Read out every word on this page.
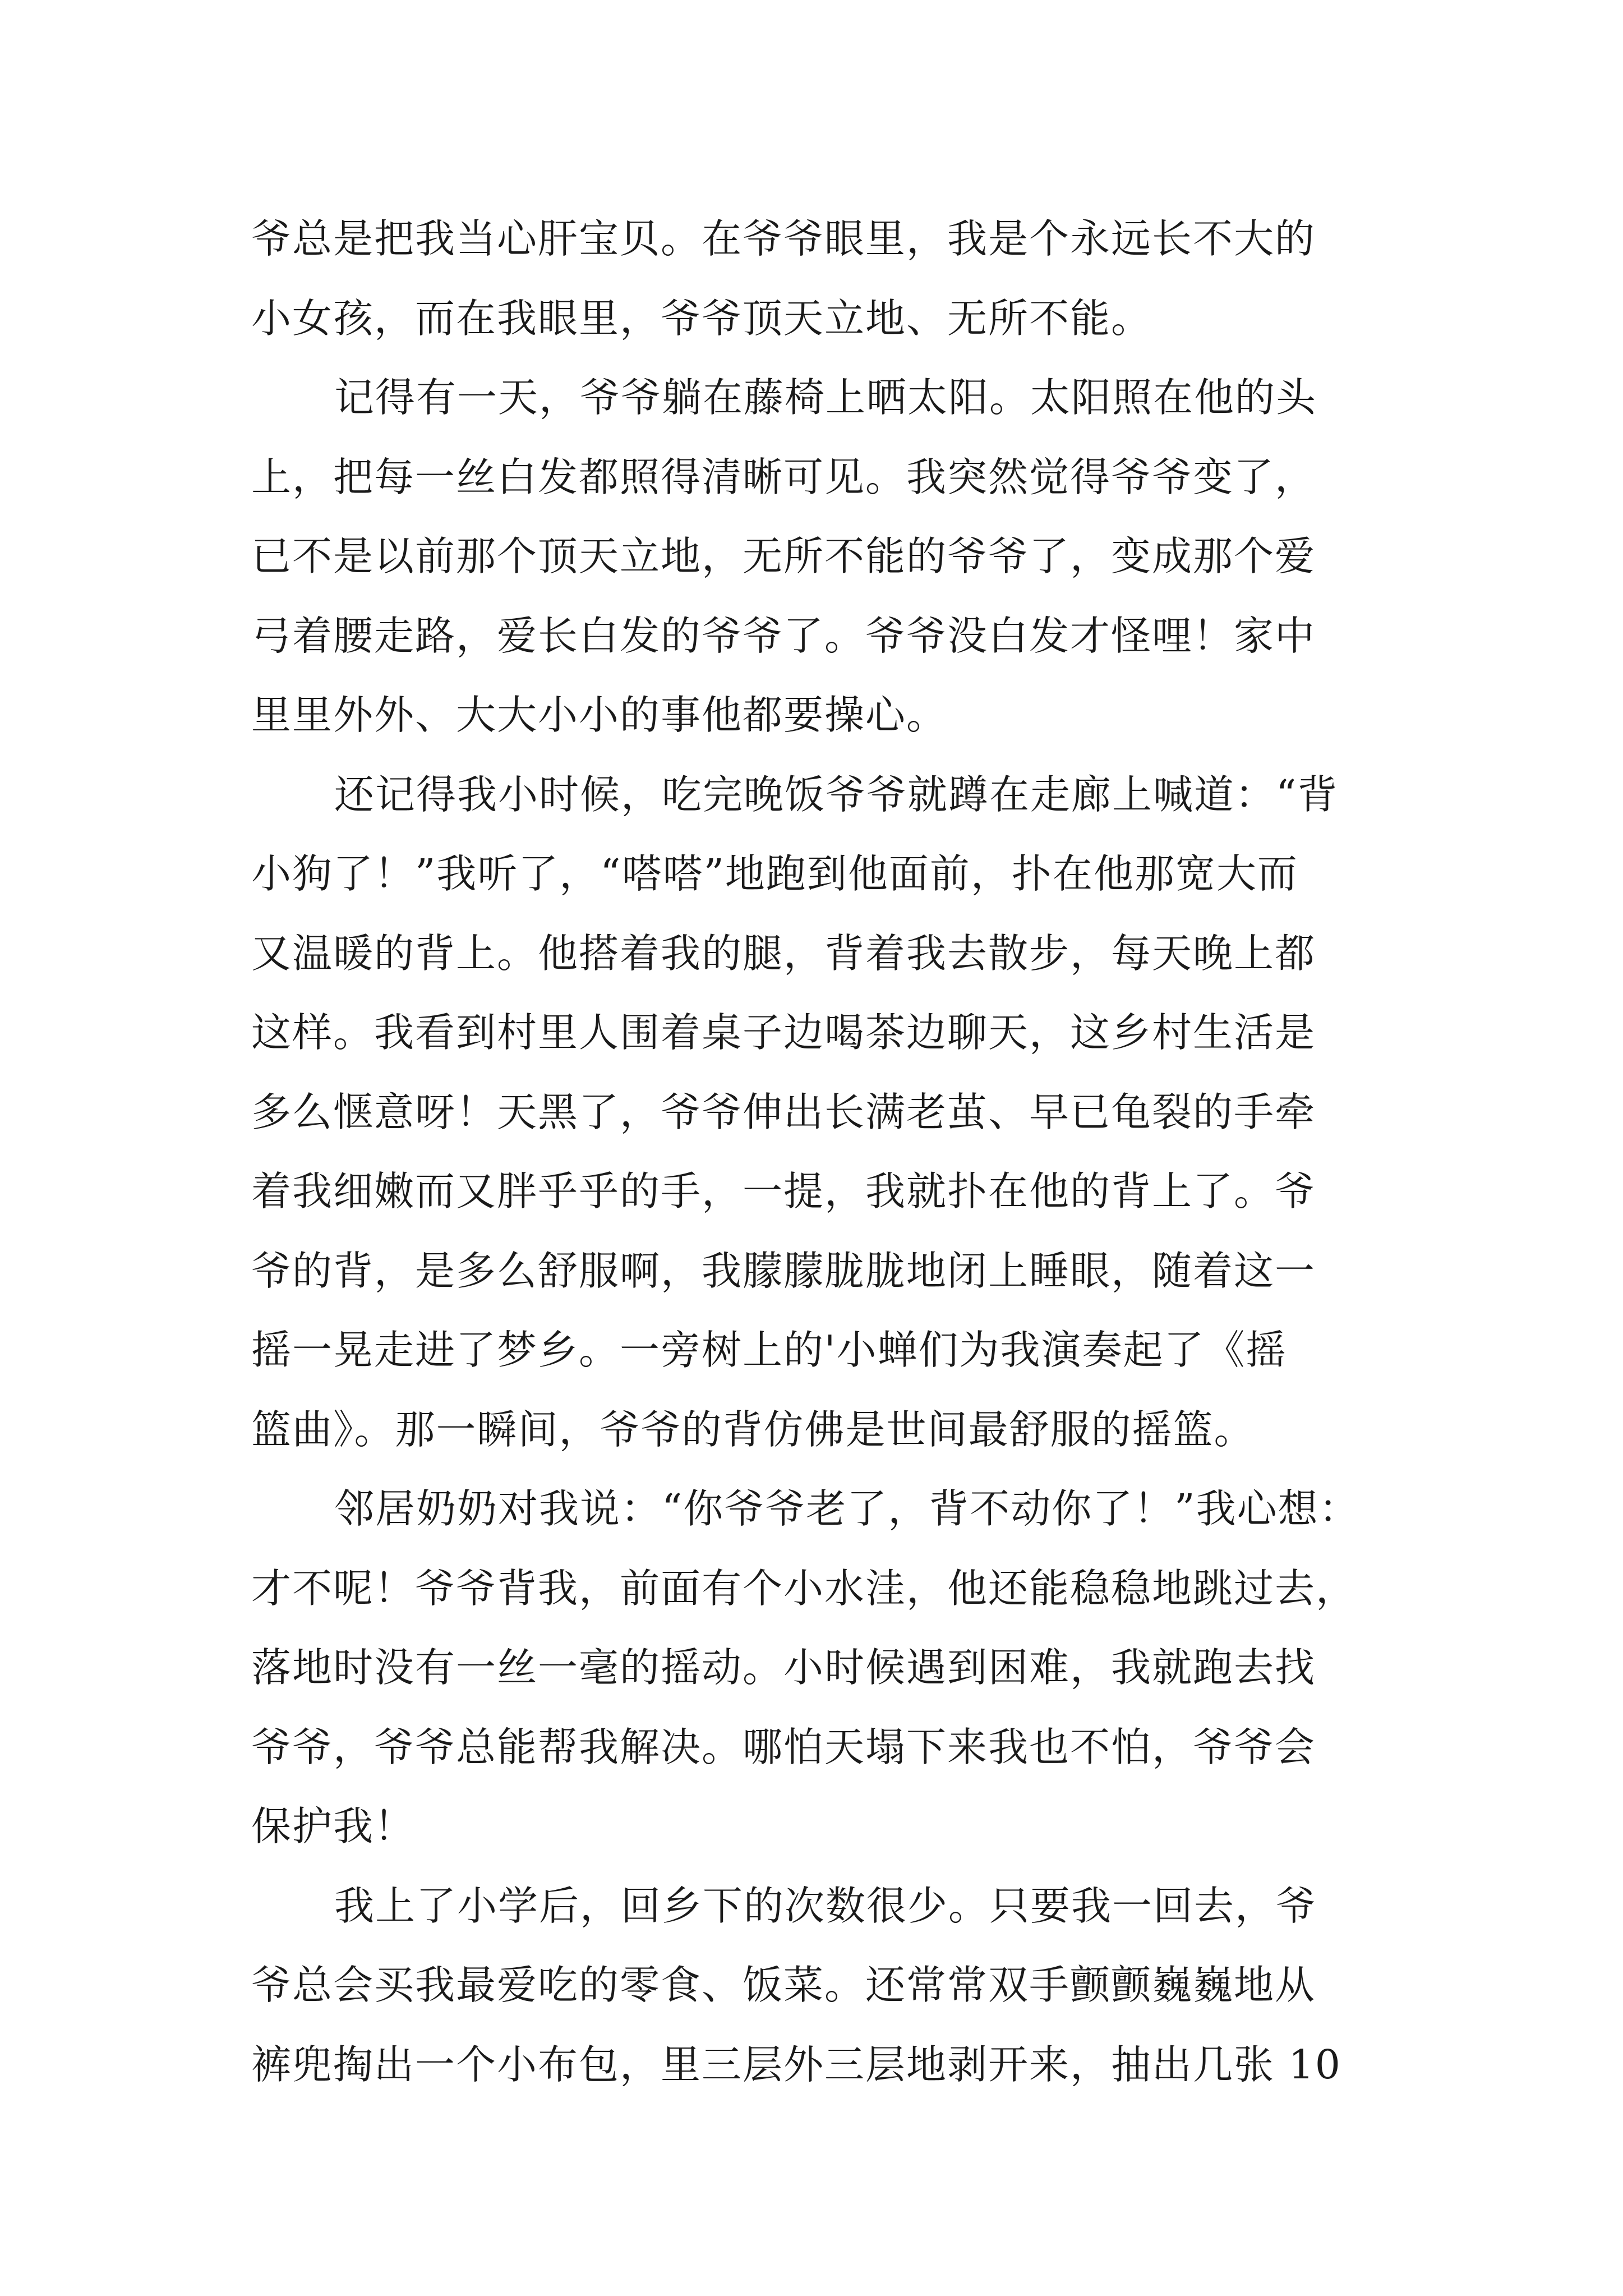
爷总是把我当心肝宝贝。在爷爷眼里，我是个永远长不大的
小女孩，而在我眼里，爷爷顶天立地、无所不能。
记得有一天，爷爷躺在藤椅上晒太阳。太阳照在他的头
上，把每一丝白发都照得清晰可见。我突然觉得爷爷变了，
已不是以前那个顶天立地，无所不能的爷爷了，变成那个爱
弓着腰走路，爱长白发的爷爷了。爷爷没白发才怪哩！家中
里里外外、大大小小的事他都要操心。
还记得我小时候，吃完晚饭爷爷就蹲在走廊上喊道：“背
小狗了！”我听了，“嗒嗒”地跑到他面前，扑在他那宽大而
又温暖的背上。他搭着我的腿，背着我去散步，每天晚上都
这样。我看到村里人围着桌子边喝茶边聊天，这乡村生活是
多么惬意呀！天黑了，爷爷伸出长满老茧、早已龟裂的手牵
着我细嫩而又胖乎乎的手，一提，我就扑在他的背上了。爷
爷的背，是多么舒服啊，我朦朦胧胧地闭上睡眼，随着这一
摇一晃走进了梦乡。一旁树上的'小蝉们为我演奏起了《摇
篮曲》。那一瞬间，爷爷的背仿佛是世间最舒服的摇篮。
邻居奶奶对我说：“你爷爷老了，背不动你了！”我心想：
才不呢！爷爷背我，前面有个小水洼，他还能稳稳地跳过去，
落地时没有一丝一毫的摇动。小时候遇到困难，我就跑去找
爷爷，爷爷总能帮我解决。哪怕天塌下来我也不怕，爷爷会
保护我！
我上了小学后，回乡下的次数很少。只要我一回去，爷
爷总会买我最爱吃的零食、饭菜。还常常双手颤颤巍巍地从
裤兜掏出一个小布包，里三层外三层地剥开来，抽出几张 10
